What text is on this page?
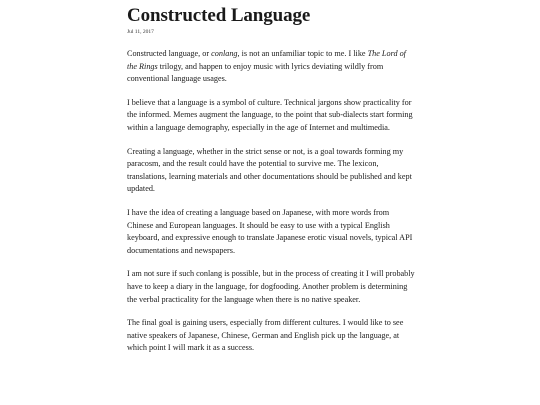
Constructed Language
Jul 11, 2017

Constructed language, or conlang, is not an unfamiliar topic to me. I like The Lord of the Rings trilogy, and happen to enjoy music with lyrics deviating wildly from conventional language usages.

I believe that a language is a symbol of culture. Technical jargons show practicality for the informed. Memes augment the language, to the point that sub-dialects start forming within a language demography, especially in the age of Internet and multimedia.

Creating a language, whether in the strict sense or not, is a goal towards forming my paracosm, and the result could have the potential to survive me. The lexicon, translations, learning materials and other documentations should be published and kept updated.

I have the idea of creating a language based on Japanese, with more words from Chinese and European languages. It should be easy to use with a typical English keyboard, and expressive enough to translate Japanese erotic visual novels, typical API documentations and newspapers.

I am not sure if such conlang is possible, but in the process of creating it I will probably have to keep a diary in the language, for dogfooding. Another problem is determining the verbal practicality for the language when there is no native speaker.

The final goal is gaining users, especially from different cultures. I would like to see native speakers of Japanese, Chinese, German and English pick up the language, at which point I will mark it as a success.
